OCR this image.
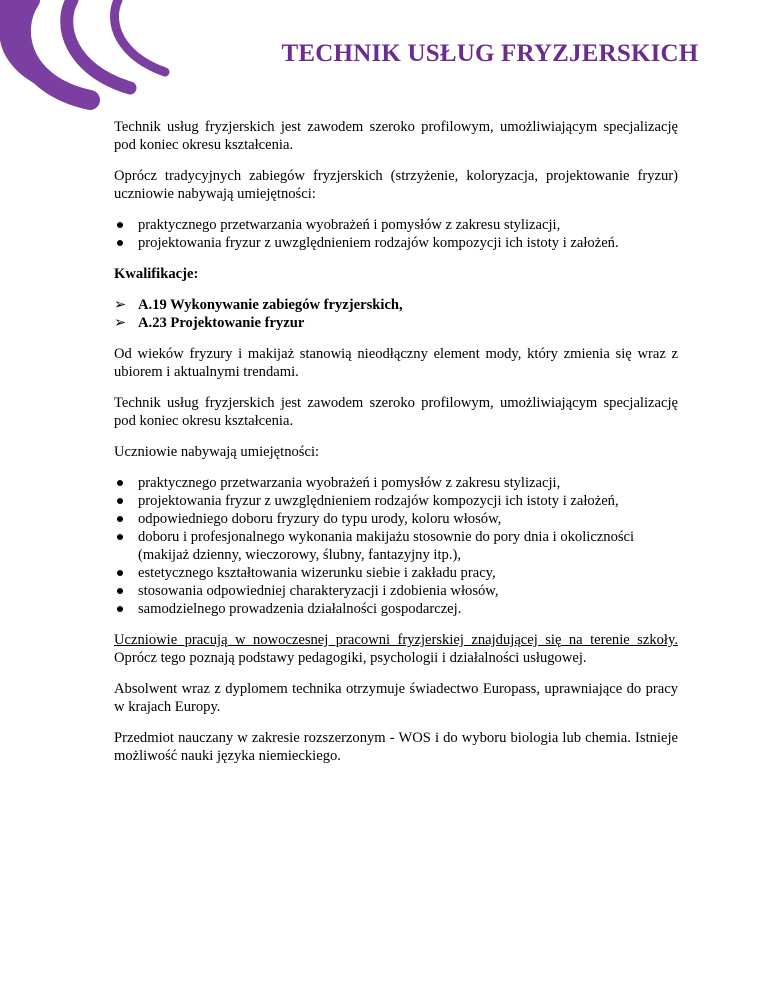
TECHNIK USŁUG FRYZJERSKICH

Technik usług fryzjerskich jest zawodem szeroko profilowym, umożliwiającym specjalizację pod koniec okresu kształcenia.

Oprócz tradycyjnych zabiegów fryzjerskich (strzyżenie, koloryzacja, projektowanie fryzur) uczniowie nabywają umiejętności:

praktycznego przetwarzania wyobrażeń i pomysłów z zakresu stylizacji,
projektowania fryzur z uwzględnieniem rodzajów kompozycji ich istoty i założeń.

Kwalifikacje:

➢ A.19 Wykonywanie zabiegów fryzjerskich,
➢ A.23 Projektowanie fryzur

Od wieków fryzury i makijaż stanowią nieodłączny element mody, który zmienia się wraz z ubiorem i aktualnymi trendami.

Technik usług fryzjerskich jest zawodem szeroko profilowym, umożliwiającym specjalizację pod koniec okresu kształcenia.

Uczniowie nabywają umiejętności:

praktycznego przetwarzania wyobrażeń i pomysłów z zakresu stylizacji,
projektowania fryzur z uwzględnieniem rodzajów kompozycji ich istoty i założeń,
odpowiedniego doboru fryzury do typu urody, koloru włosów,
doboru i profesjonalnego wykonania makijażu stosownie do pory dnia i okoliczności (makijaż dzienny, wieczorowy, ślubny, fantazyjny itp.),
estetycznego kształtowania wizerunku siebie i zakładu pracy,
stosowania odpowiedniej charakteryzacji i zdobienia włosów,
samodzielnego prowadzenia działalności gospodarczej.

Uczniowie pracują w nowoczesnej pracowni fryzjerskiej znajdującej się na terenie szkoły. Oprócz tego poznają podstawy pedagogiki, psychologii i działalności usługowej.

Absolwent wraz z dyplomem technika otrzymuje świadectwo Europass, uprawniające do pracy w krajach Europy.

Przedmiot nauczany w zakresie rozszerzonym - WOS i do wyboru biologia lub chemia. Istnieje możliwość nauki języka niemieckiego.
